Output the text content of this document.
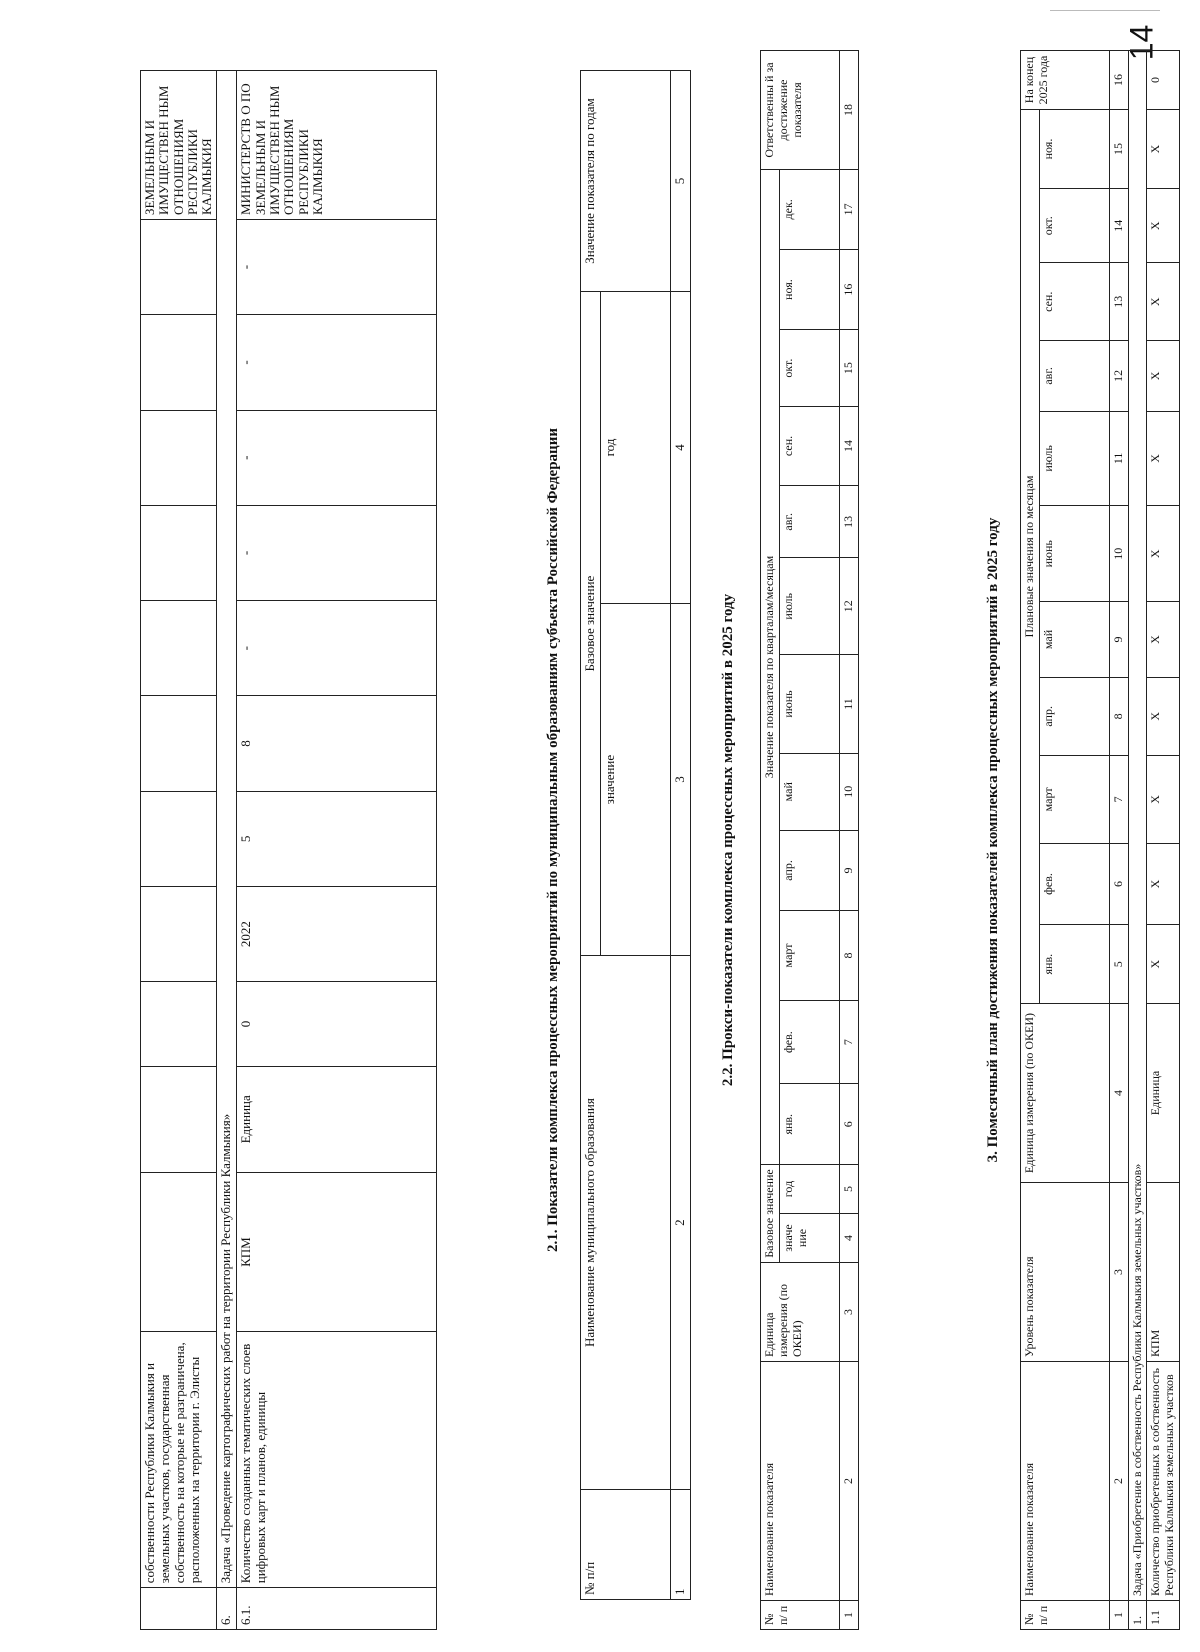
14
	собственности Республики Калмыкия и земельных участков, государственная собственность на которые не разграничена, расположенных на территории г. Элисты												ЗЕМЕЛЬНЫМ И ИМУЩЕСТВЕН НЫМ ОТНОШЕНИЯМ РЕСПУБЛИКИ КАЛМЫКИЯ
6.	Задача «Проведение картографических работ на территории Республики Калмыкия»												
6.1.	Количество созданных тематических слоев цифровых карт и планов, единицы	КПМ	Единица	0	2022	5	8	-	-	-	-	-	МИНИСТЕРСТВ О ПО ЗЕМЕЛЬНЫМ И ИМУЩЕСТВЕН НЫМ ОТНОШЕНИЯМ РЕСПУБЛИКИ КАЛМЫКИЯ

2.1. Показатели комплекса процессных мероприятий по муниципальным образованиям субъекта Российской Федерации

№ п/п	Наименование муниципального образования	Базовое значение		Значение показателя по годам
		значение	год	
1	2	3	4	5

2.2. Прокси-показатели комплекса процессных мероприятий в 2025 году

№ п/ п	Наименование показателя	Единица измерения (по ОКЕИ)	Базовое значение		Значение показателя по кварталам/месяцам												Ответственны й за достижение показателя
			значе ние	год	янв.	фев.	март	апр.	май	июнь	июль	авг.	сен.	окт.	ноя.	дек.	
1	2	3	4	5	6	7	8	9	10	11	12	13	14	15	16	17	18

3. Помесячный план достижения показателей комплекса процессных мероприятий в 2025 году

№ п/ п	Наименование показателя	Уровень показателя	Единица измерения (по ОКЕИ)	Плановые значения по месяцам											На конец 2025 года
				янв.	фев.	март	апр.	май	июнь	июль	авг.	сен.	окт.	ноя.	
1	2	3	4	5	6	7	8	9	10	11	12	13	14	15	16
1.	Задача «Приобретение в собственность Республики Калмыкия земельных участков»														
1.1	Количество приобретенных в собственность Республики Калмыкия земельных участков	КПМ	Единица	X	X	X	X	X	X	X	X	X	X	X	0
